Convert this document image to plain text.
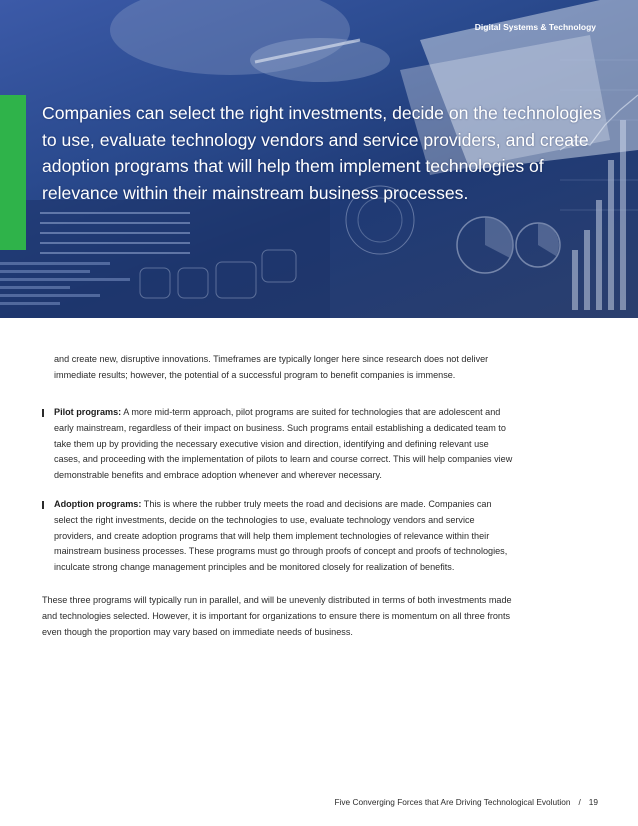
Digital Systems & Technology

Companies can select the right investments, decide on the technologies to use, evaluate technology vendors and service providers, and create adoption programs that will help them implement technologies of relevance within their mainstream business processes.

and create new, disruptive innovations. Timeframes are typically longer here since research does not deliver immediate results; however, the potential of a successful program to benefit companies is immense.

Pilot programs: A more mid-term approach, pilot programs are suited for technologies that are adolescent and early mainstream, regardless of their impact on business. Such programs entail establishing a dedicated team to take them up by providing the necessary executive vision and direction, identifying and defining relevant use cases, and proceeding with the implementation of pilots to learn and course correct. This will help companies view demonstrable benefits and embrace adoption whenever and wherever necessary.

Adoption programs: This is where the rubber truly meets the road and decisions are made. Companies can select the right investments, decide on the technologies to use, evaluate technology vendors and service providers, and create adoption programs that will help them implement technologies of relevance within their mainstream business processes. These programs must go through proofs of concept and proofs of technologies, inculcate strong change management principles and be monitored closely for realization of benefits.

These three programs will typically run in parallel, and will be unevenly distributed in terms of both investments made and technologies selected. However, it is important for organizations to ensure there is momentum on all three fronts even though the proportion may vary based on immediate needs of business.

Five Converging Forces that Are Driving Technological Evolution / 19
